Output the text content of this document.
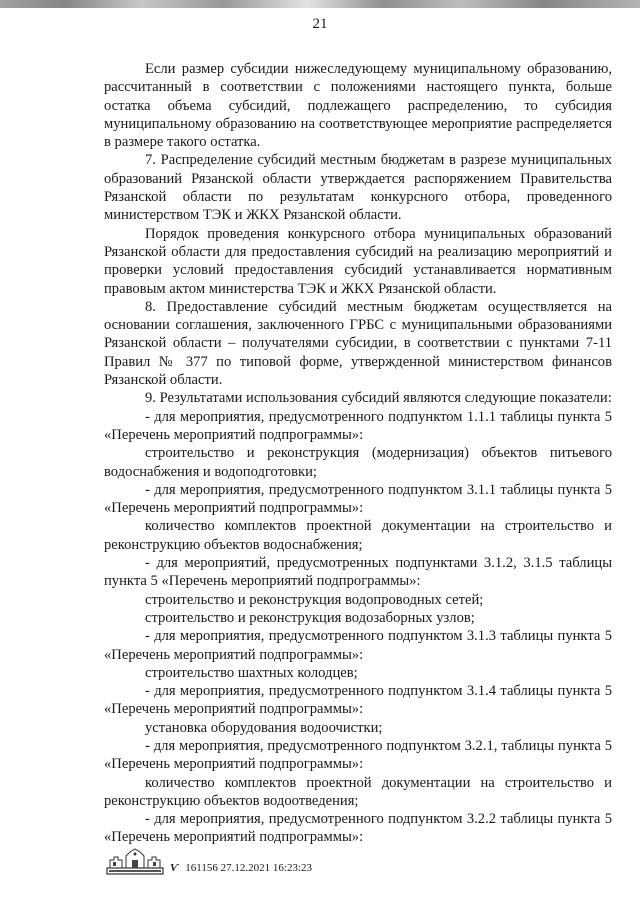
21

Если размер субсидии нижеследующему муниципальному образованию, рассчитанный в соответствии с положениями настоящего пункта, больше остатка объема субсидий, подлежащего распределению, то субсидия муниципальному образованию на соответствующее мероприятие распределяется в размере такого остатка.

7. Распределение субсидий местным бюджетам в разрезе муниципальных образований Рязанской области утверждается распоряжением Правительства Рязанской области по результатам конкурсного отбора, проведенного министерством ТЭК и ЖКХ Рязанской области.

Порядок проведения конкурсного отбора муниципальных образований Рязанской области для предоставления субсидий на реализацию мероприятий и проверки условий предоставления субсидий устанавливается нормативным правовым актом министерства ТЭК и ЖКХ Рязанской области.

8. Предоставление субсидий местным бюджетам осуществляется на основании соглашения, заключенного ГРБС с муниципальными образованиями Рязанской области – получателями субсидии, в соответствии с пунктами 7-11 Правил № 377 по типовой форме, утвержденной министерством финансов Рязанской области.

9. Результатами использования субсидий являются следующие показатели:

- для мероприятия, предусмотренного подпунктом 1.1.1 таблицы пункта 5 «Перечень мероприятий подпрограммы»:

строительство и реконструкция (модернизация) объектов питьевого водоснабжения и водоподготовки;

- для мероприятия, предусмотренного подпунктом 3.1.1 таблицы пункта 5 «Перечень мероприятий подпрограммы»:

количество комплектов проектной документации на строительство и реконструкцию объектов водоснабжения;

- для мероприятий, предусмотренных подпунктами 3.1.2, 3.1.5 таблицы пункта 5 «Перечень мероприятий подпрограммы»:

строительство и реконструкция водопроводных сетей;

строительство и реконструкция водозаборных узлов;

- для мероприятия, предусмотренного подпунктом 3.1.3 таблицы пункта 5 «Перечень мероприятий подпрограммы»:

строительство шахтных колодцев;

- для мероприятия, предусмотренного подпунктом 3.1.4 таблицы пункта 5 «Перечень мероприятий подпрограммы»:

установка оборудования водоочистки;

- для мероприятия, предусмотренного подпунктом 3.2.1, таблицы пункта 5 «Перечень мероприятий подпрограммы»:

количество комплектов проектной документации на строительство и реконструкцию объектов водоотведения;

- для мероприятия, предусмотренного подпунктом 3.2.2 таблицы пункта 5 «Перечень мероприятий подпрограммы»:

Ѵ 161156 27.12.2021 16:23:23
